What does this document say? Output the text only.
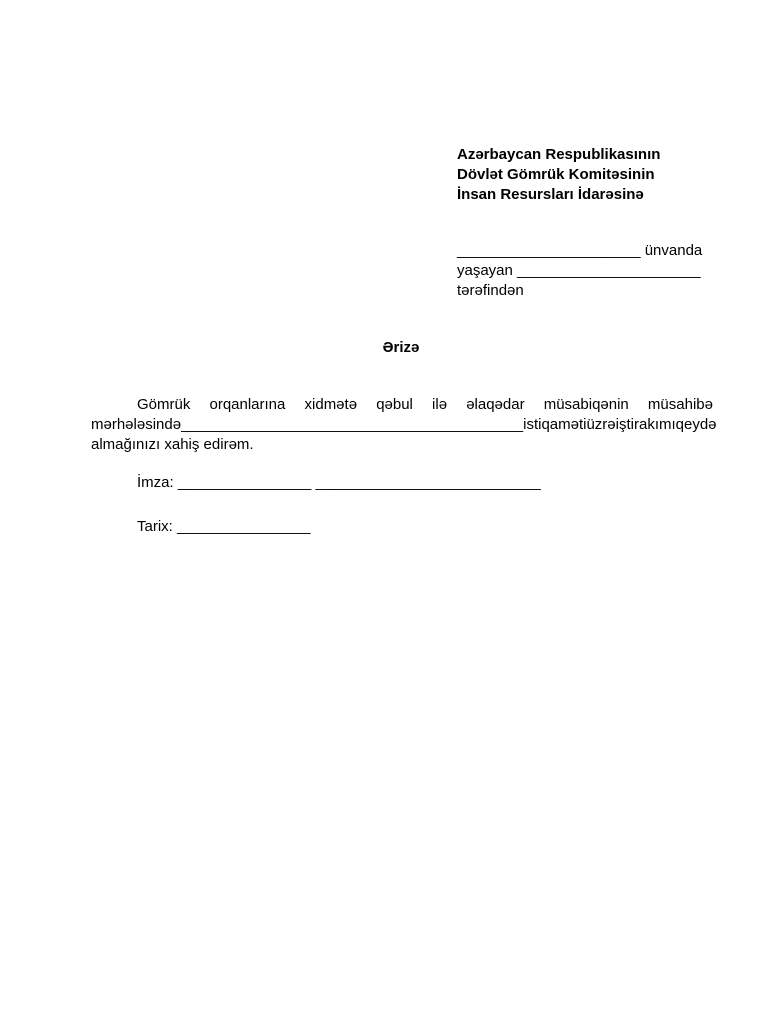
Azərbaycan Respublikasının
Dövlət Gömrük Komitəsinin
İnsan Resursları İdarəsinə
______________________ ünvanda
yaşayan ______________________
tərəfindən
Ərizə
Gömrük orqanlarına xidmətə qəbul ilə əlaqədar müsabiqənin müsahibə
mərhələsində _________________________________________ istiqaməti üzrə iştirakımı qeydə
almağınızı xahiş edirəm.
İmza: ________________ ___________________________
Tarix: ________________
